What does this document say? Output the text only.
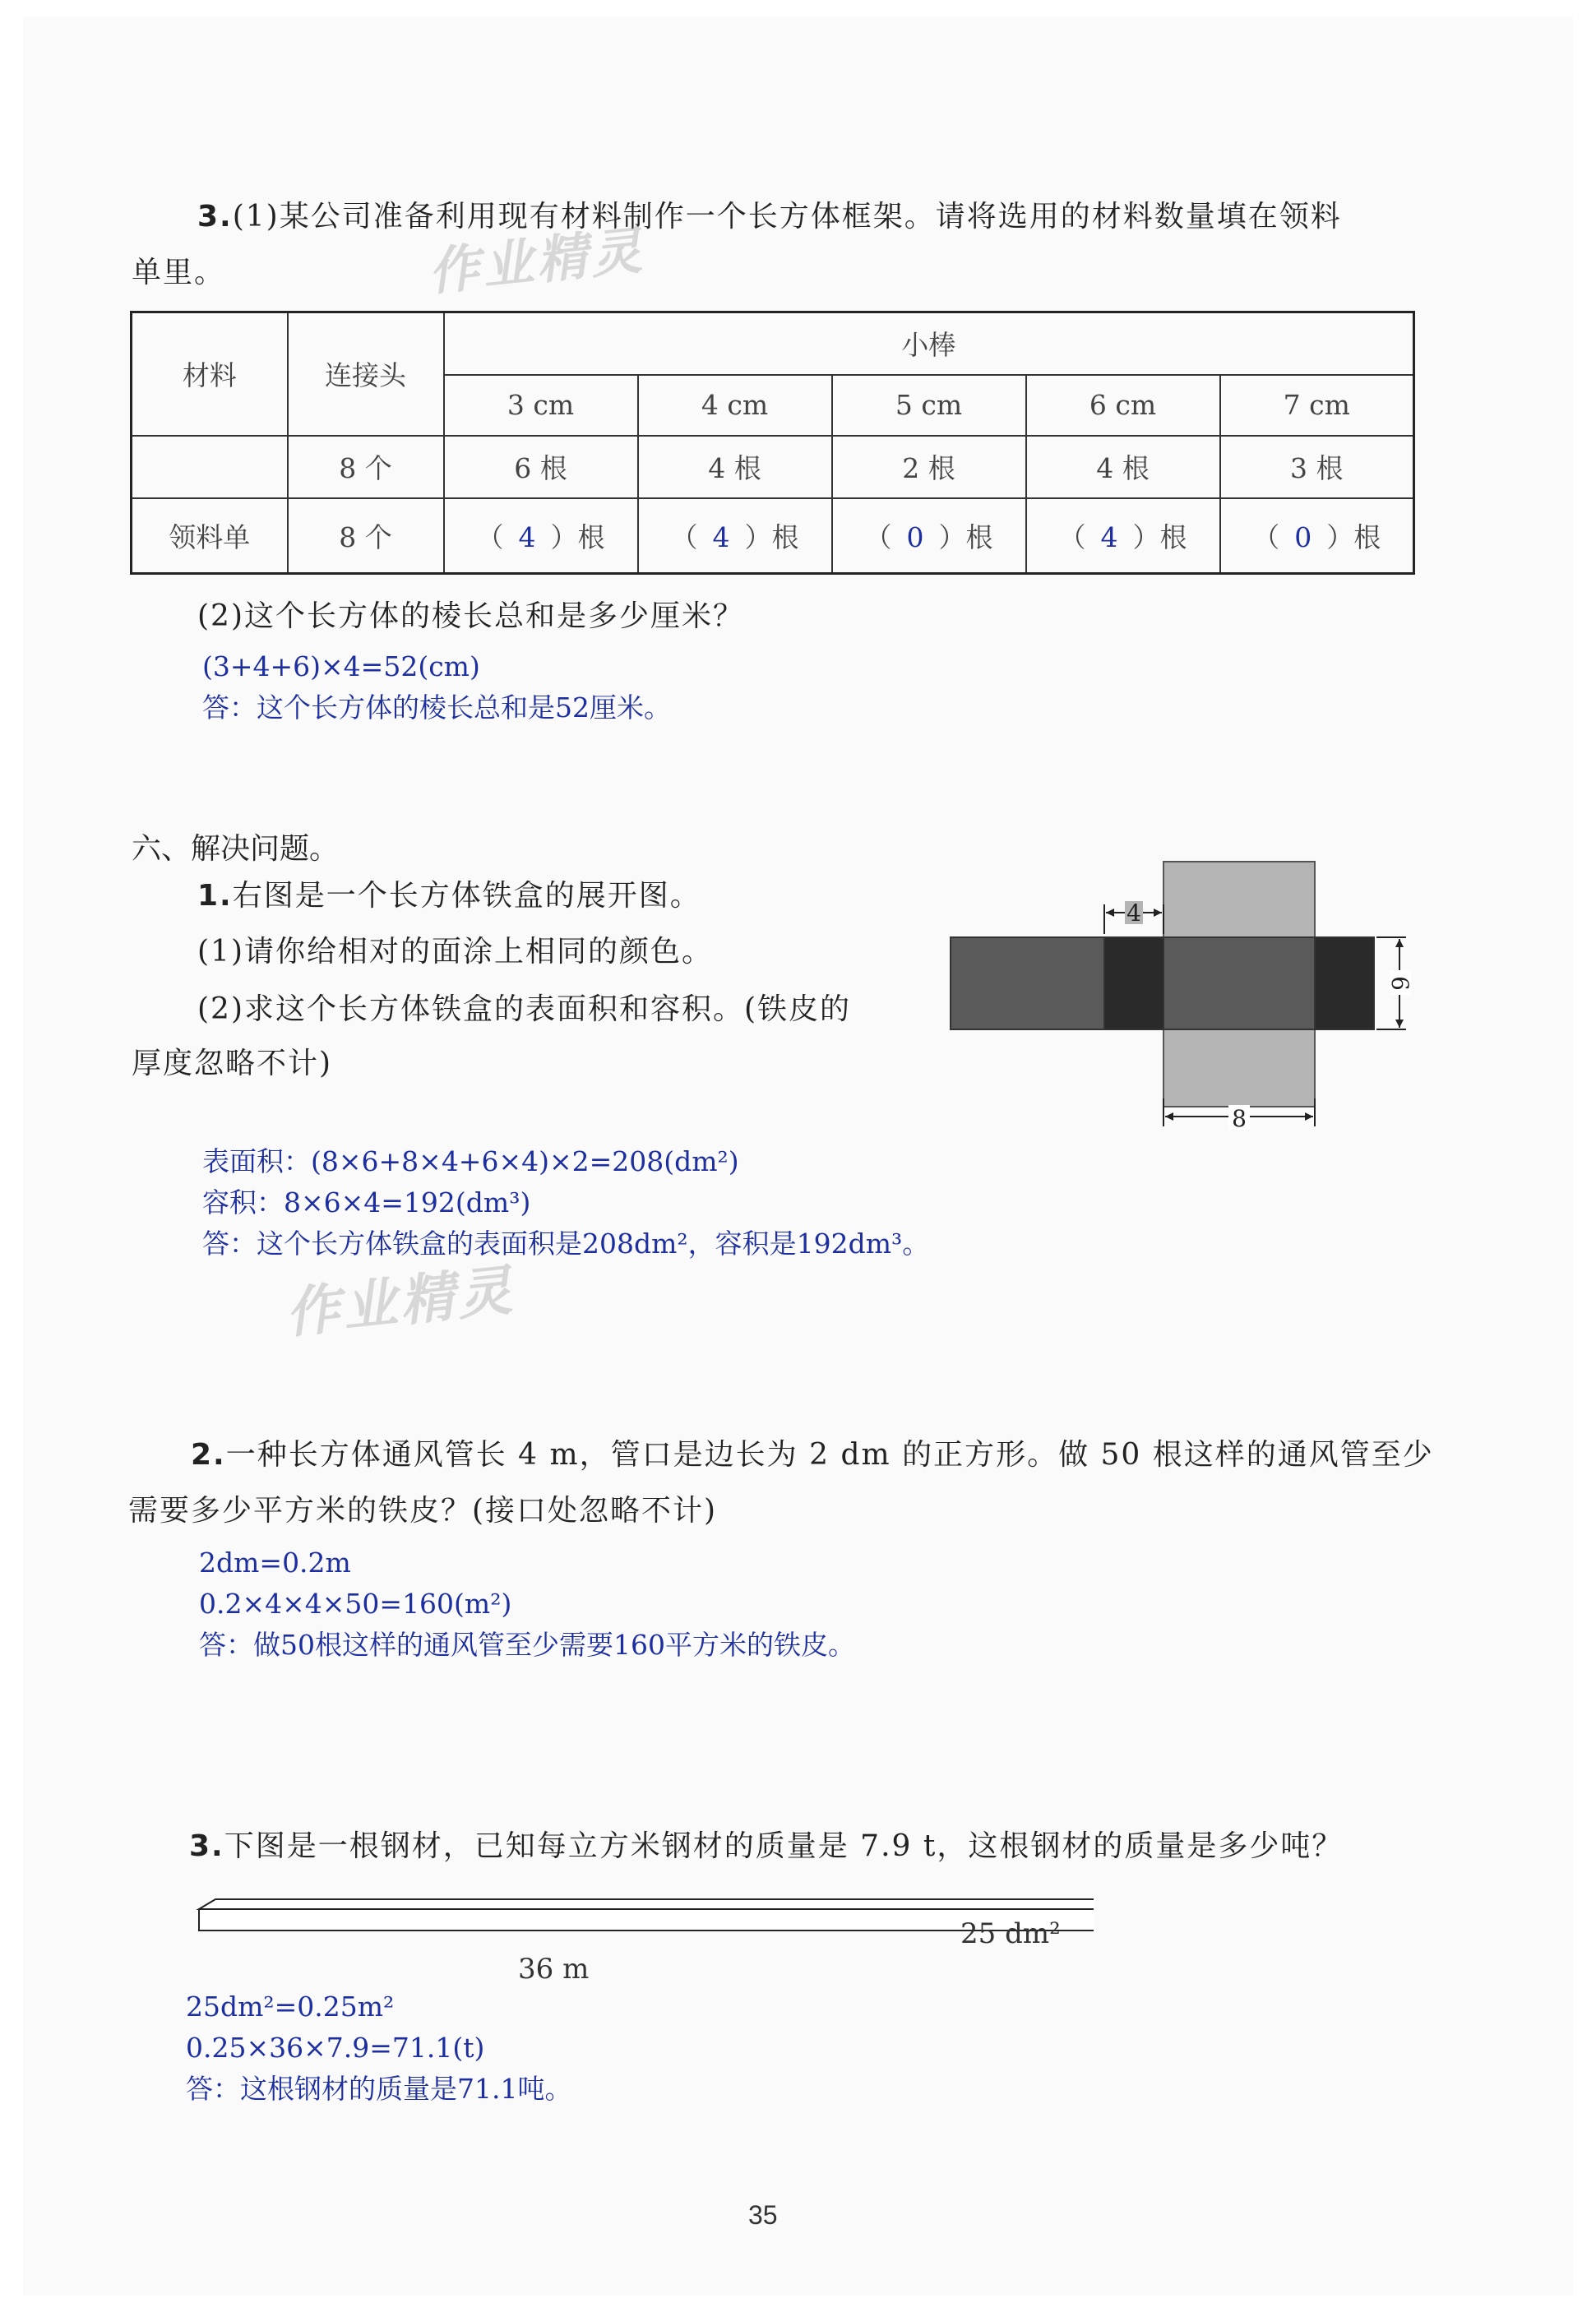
3.(1)某公司准备利用现有材料制作一个长方体框架。请将选用的材料数量填在领料
单里。	作业精灵
材料	连接头	小棒				
		3 cm	4 cm	5 cm	6 cm	7 cm
	8 个	6 根	4 根	2 根	4 根	3 根
领料单	8 个	（ 4 ）根	（ 4 ）根	（ 0 ）根	（ 4 ）根	（ 0 ）根
(2)这个长方体的棱长总和是多少厘米？
(3+4+6)×4=52(cm)
答：这个长方体的棱长总和是52厘米。
六、解决问题。
1.右图是一个长方体铁盒的展开图。
(1)请你给相对的面涂上相同的颜色。
(2)求这个长方体铁盒的表面积和容积。(铁皮的
厚度忽略不计)
4
6
8
表面积：(8×6+8×4+6×4)×2=208(dm²)
容积：8×6×4=192(dm³)
答：这个长方体铁盒的表面积是208dm²，容积是192dm³。
作业精灵
2.一种长方体通风管长 4 m，管口是边长为 2 dm 的正方形。做 50 根这样的通风管至少
需要多少平方米的铁皮？(接口处忽略不计)
2dm=0.2m
0.2×4×4×50=160(m²)
答：做50根这样的通风管至少需要160平方米的铁皮。
3.下图是一根钢材，已知每立方米钢材的质量是 7.9 t，这根钢材的质量是多少吨？
36 m
25 dm²
25dm²=0.25m²
0.25×36×7.9=71.1(t)
答：这根钢材的质量是71.1吨。
35
